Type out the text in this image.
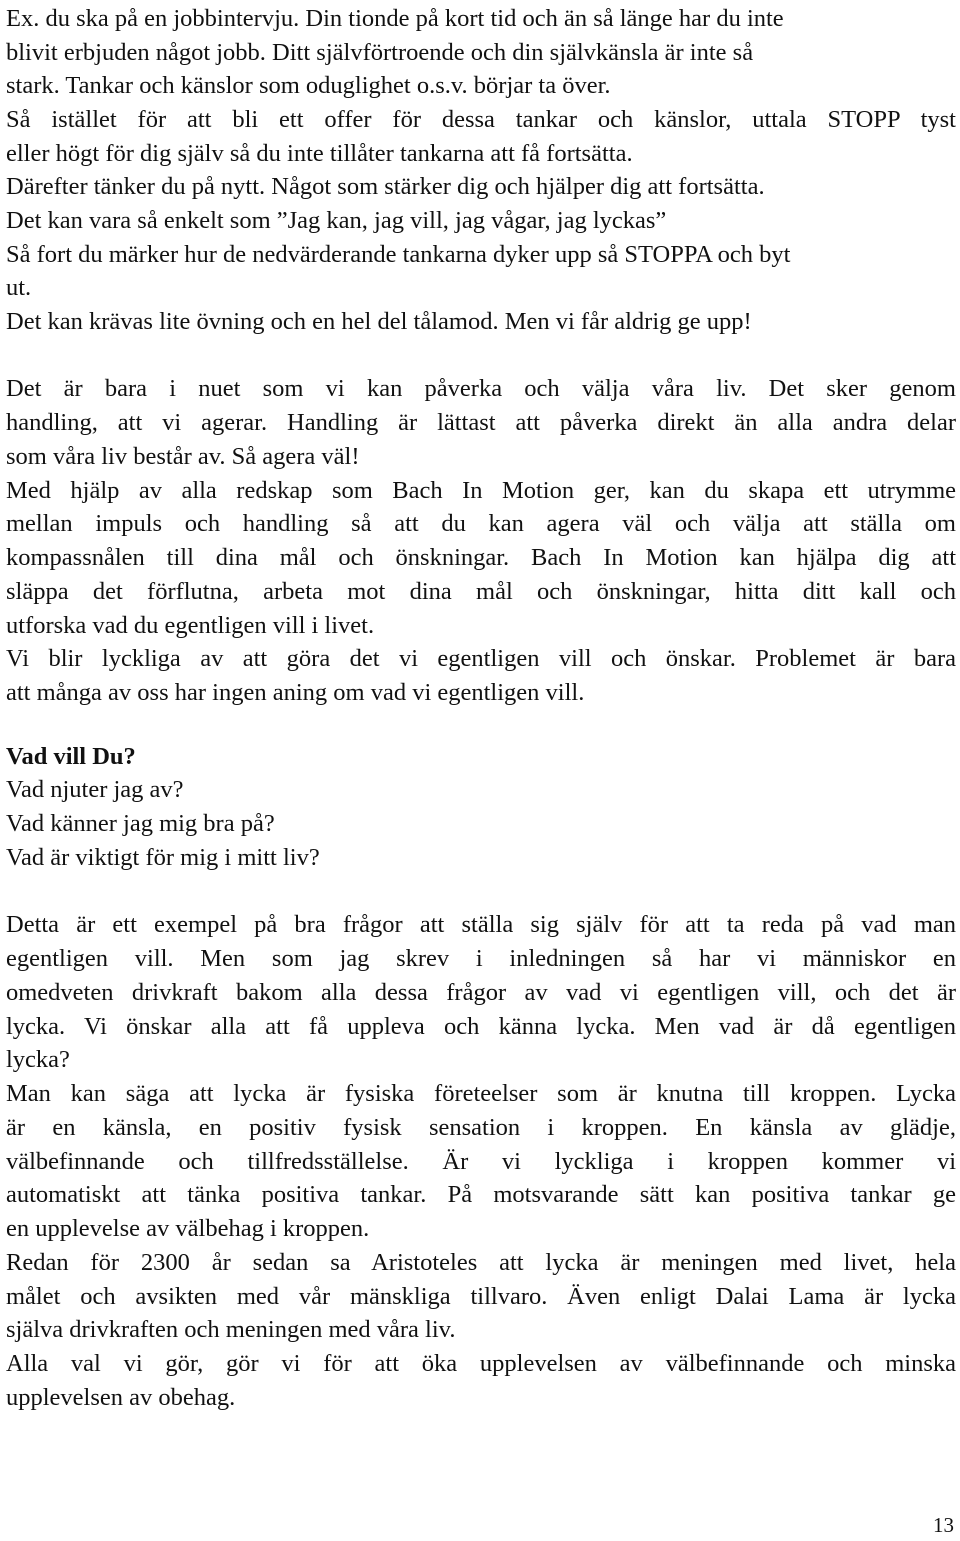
Ex. du ska på en jobbintervju. Din tionde på kort tid och än så länge har du inte
blivit erbjuden något jobb. Ditt självförtroende och din självkänsla är inte så
stark. Tankar och känslor som oduglighet o.s.v. börjar ta över.
Så istället för att bli ett offer för dessa tankar och känslor, uttala STOPP tyst
eller högt för dig själv så du inte tillåter tankarna att få fortsätta.
Därefter tänker du på nytt. Något som stärker dig och hjälper dig att fortsätta.
Det kan vara så enkelt som ”Jag kan, jag vill, jag vågar, jag lyckas”
Så fort du märker hur de nedvärderande tankarna dyker upp så STOPPA och byt
ut.
Det kan krävas lite övning och en hel del tålamod. Men vi får aldrig ge upp!
Det är bara i nuet som vi kan påverka och välja våra liv. Det sker genom
handling, att vi agerar. Handling är lättast att påverka direkt än alla andra delar
som våra liv består av. Så agera väl!
Med hjälp av alla redskap som Bach In Motion ger, kan du skapa ett utrymme
mellan impuls och handling så att du kan agera väl och välja att ställa om
kompassnålen till dina mål och önskningar. Bach In Motion kan hjälpa dig att
släppa det förflutna, arbeta mot dina mål och önskningar, hitta ditt kall och
utforska vad du egentligen vill i livet.
Vi blir lyckliga av att göra det vi egentligen vill och önskar. Problemet är bara
att många av oss har ingen aning om vad vi egentligen vill.
Vad vill Du?
Vad njuter jag av?
Vad känner jag mig bra på?
Vad är viktigt för mig i mitt liv?
Detta är ett exempel på bra frågor att ställa sig själv för att ta reda på vad man
egentligen vill. Men som jag skrev i inledningen så har vi människor en
omedveten drivkraft bakom alla dessa frågor av vad vi egentligen vill, och det är
lycka. Vi önskar alla att få uppleva och känna lycka. Men vad är då egentligen
lycka?
Man kan säga att lycka är fysiska företeelser som är knutna till kroppen. Lycka
är en känsla, en positiv fysisk sensation i kroppen. En känsla av glädje,
välbefinnande och tillfredsställelse. Är vi lyckliga i kroppen kommer vi
automatiskt att tänka positiva tankar. På motsvarande sätt kan positiva tankar ge
en upplevelse av välbehag i kroppen.
Redan för 2300 år sedan sa Aristoteles att lycka är meningen med livet, hela
målet och avsikten med vår mänskliga tillvaro. Även enligt Dalai Lama är lycka
själva drivkraften och meningen med våra liv.
Alla val vi gör, gör vi för att öka upplevelsen av välbefinnande och minska
upplevelsen av obehag.
13
